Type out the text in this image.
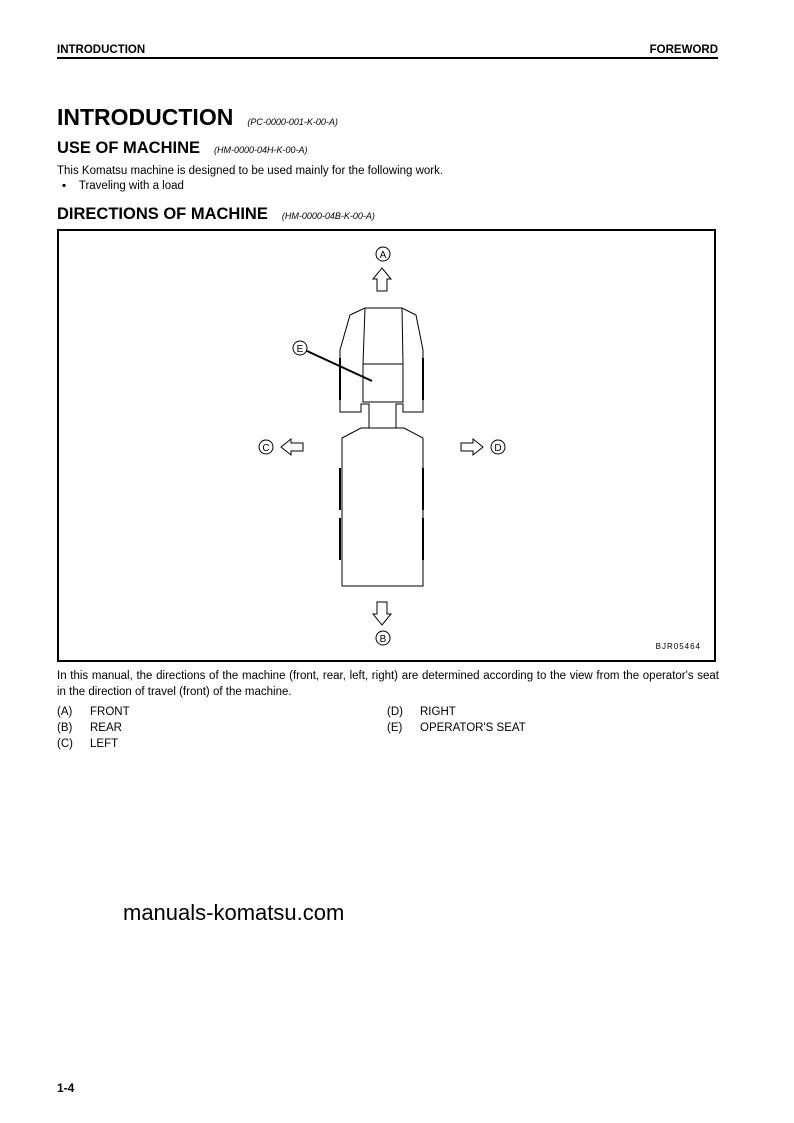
INTRODUCTION	FOREWORD
INTRODUCTION (PC-0000-001-K-00-A)
USE OF MACHINE (HM-0000-04H-K-00-A)
This Komatsu machine is designed to be used mainly for the following work.
▪    Traveling with a load
manuals-komatsu.com
DIRECTIONS OF MACHINE (HM-0000-04B-K-00-A)
A
B
C	D
E
BJR05464
In this manual, the directions of the machine (front, rear, left, right) are determined according to the view from the operator's seat in the direction of travel (front) of the machine.
(A) FRONT
(B) REAR
(C) LEFT
(D) RIGHT
(E) OPERATOR'S SEAT
1-4
